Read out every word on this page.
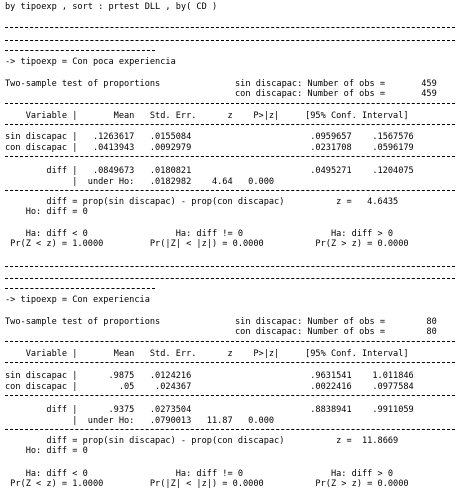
by tipoexp , sort : prtest DLL , by( CD )
-> tipoexp = Con poca experiencia
Two-sample test of proportions	sin discapac: Number of obs =       459
con discapac: Number of obs =       459
Variable |       Mean   Std. Err.      z    P>|z|     [95% Conf. Interval]
sin discapac |   .1263617   .0155084                       .0959657    .1567576
con discapac |   .0413943   .0092979                       .0231708    .0596179
diff |   .0849673   .0180821                       .0495271    .1204075
|  under Ho:   .0182982    4.64   0.000
diff = prop(sin discapac) - prop(con discapac)          z =   4.6435
Ho: diff = 0
Ha: diff < 0                 Ha: diff != 0                 Ha: diff > 0
Pr(Z < z) = 1.0000         Pr(|Z| < |z|) = 0.0000          Pr(Z > z) = 0.0000
-> tipoexp = Con experiencia
Two-sample test of proportions	sin discapac: Number of obs =        80
con discapac: Number of obs =        80
Variable |       Mean   Std. Err.      z    P>|z|     [95% Conf. Interval]
sin discapac |      .9875   .0124216                       .9631541    1.011846
con discapac |        .05    .024367                       .0022416    .0977584
diff |      .9375   .0273504                       .8838941    .9911059
|  under Ho:   .0790013   11.87   0.000
diff = prop(sin discapac) - prop(con discapac)          z =  11.8669
Ho: diff = 0
Ha: diff < 0                 Ha: diff != 0                 Ha: diff > 0
Pr(Z < z) = 1.0000         Pr(|Z| < |z|) = 0.0000          Pr(Z > z) = 0.0000
